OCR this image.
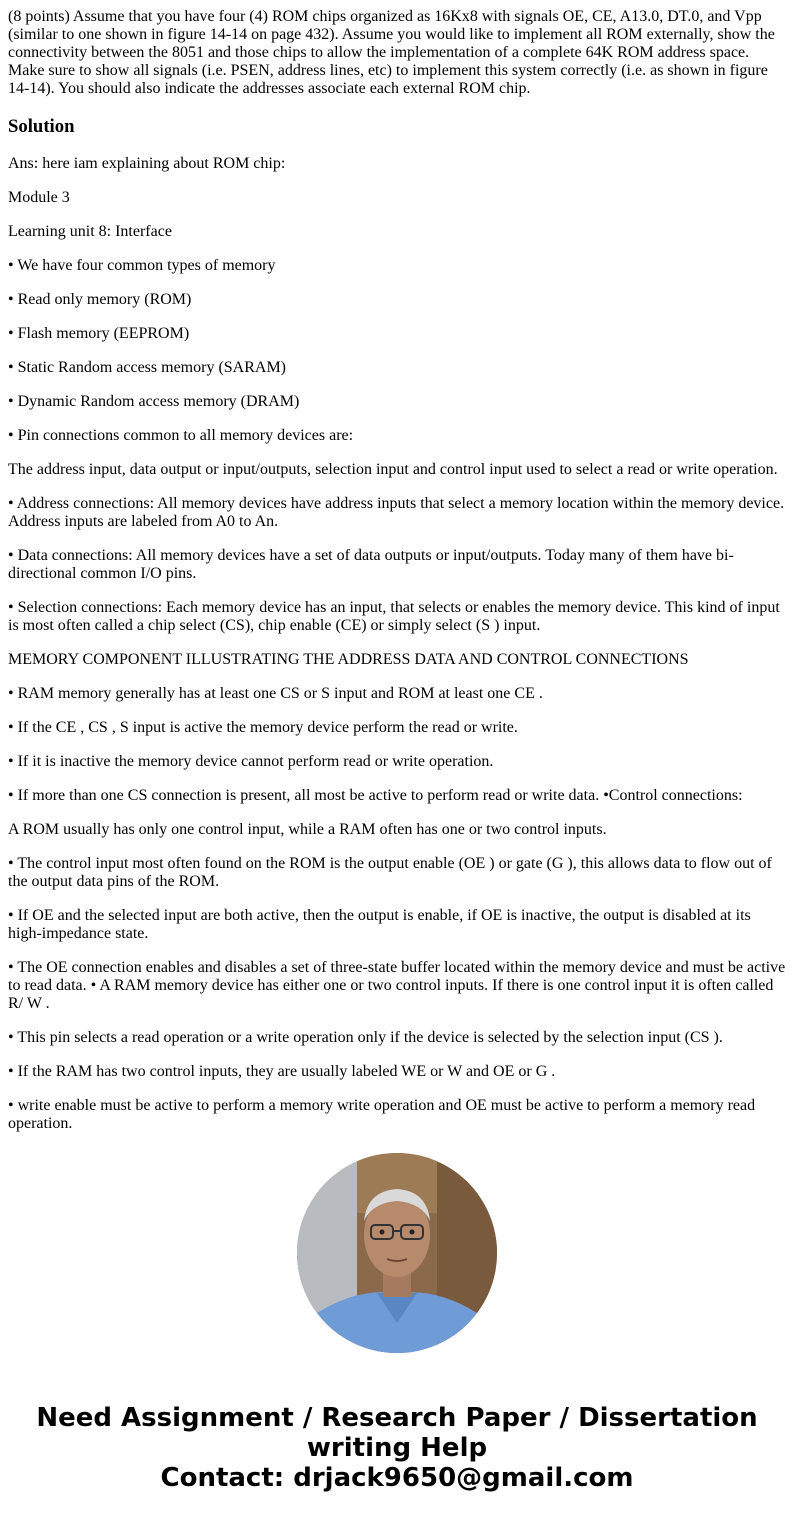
(8 points) Assume that you have four (4) ROM chips organized as 16Kx8 with signals OE, CE, A13.0, DT.0, and Vpp (similar to one shown in figure 14-14 on page 432). Assume you would like to implement all ROM externally, show the connectivity between the 8051 and those chips to allow the implementation of a complete 64K ROM address space. Make sure to show all signals (i.e. PSEN, address lines, etc) to implement this system correctly (i.e. as shown in figure 14-14). You should also indicate the addresses associate each external ROM chip.

Solution

Ans: here iam explaining about ROM chip:

Module 3

Learning unit 8: Interface

• We have four common types of memory

• Read only memory (ROM)

• Flash memory (EEPROM)

• Static Random access memory (SARAM)

• Dynamic Random access memory (DRAM)

• Pin connections common to all memory devices are:

The address input, data output or input/outputs, selection input and control input used to select a read or write operation.

• Address connections: All memory devices have address inputs that select a memory location within the memory device. Address inputs are labeled from A0 to An.

• Data connections: All memory devices have a set of data outputs or input/outputs. Today many of them have bi-directional common I/O pins.

• Selection connections: Each memory device has an input, that selects or enables the memory device. This kind of input is most often called a chip select (CS), chip enable (CE) or simply select (S ) input.

MEMORY COMPONENT ILLUSTRATING THE ADDRESS DATA AND CONTROL CONNECTIONS

• RAM memory generally has at least one CS or S input and ROM at least one CE .

• If the CE , CS , S input is active the memory device perform the read or write.

• If it is inactive the memory device cannot perform read or write operation.

• If more than one CS connection is present, all most be active to perform read or write data. •Control connections:

A ROM usually has only one control input, while a RAM often has one or two control inputs.

• The control input most often found on the ROM is the output enable (OE ) or gate (G ), this allows data to flow out of the output data pins of the ROM.

• If OE and the selected input are both active, then the output is enable, if OE is inactive, the output is disabled at its high-impedance state.

• The OE connection enables and disables a set of three-state buffer located within the memory device and must be active to read data. • A RAM memory device has either one or two control inputs. If there is one control input it is often called R/ W .

• This pin selects a read operation or a write operation only if the device is selected by the selection input (CS ).

• If the RAM has two control inputs, they are usually labeled WE or W and OE or G .

• write enable must be active to perform a memory write operation and OE must be active to perform a memory read operation.

Need Assignment / Research Paper / Dissertation
writing Help
Contact: drjack9650@gmail.com
